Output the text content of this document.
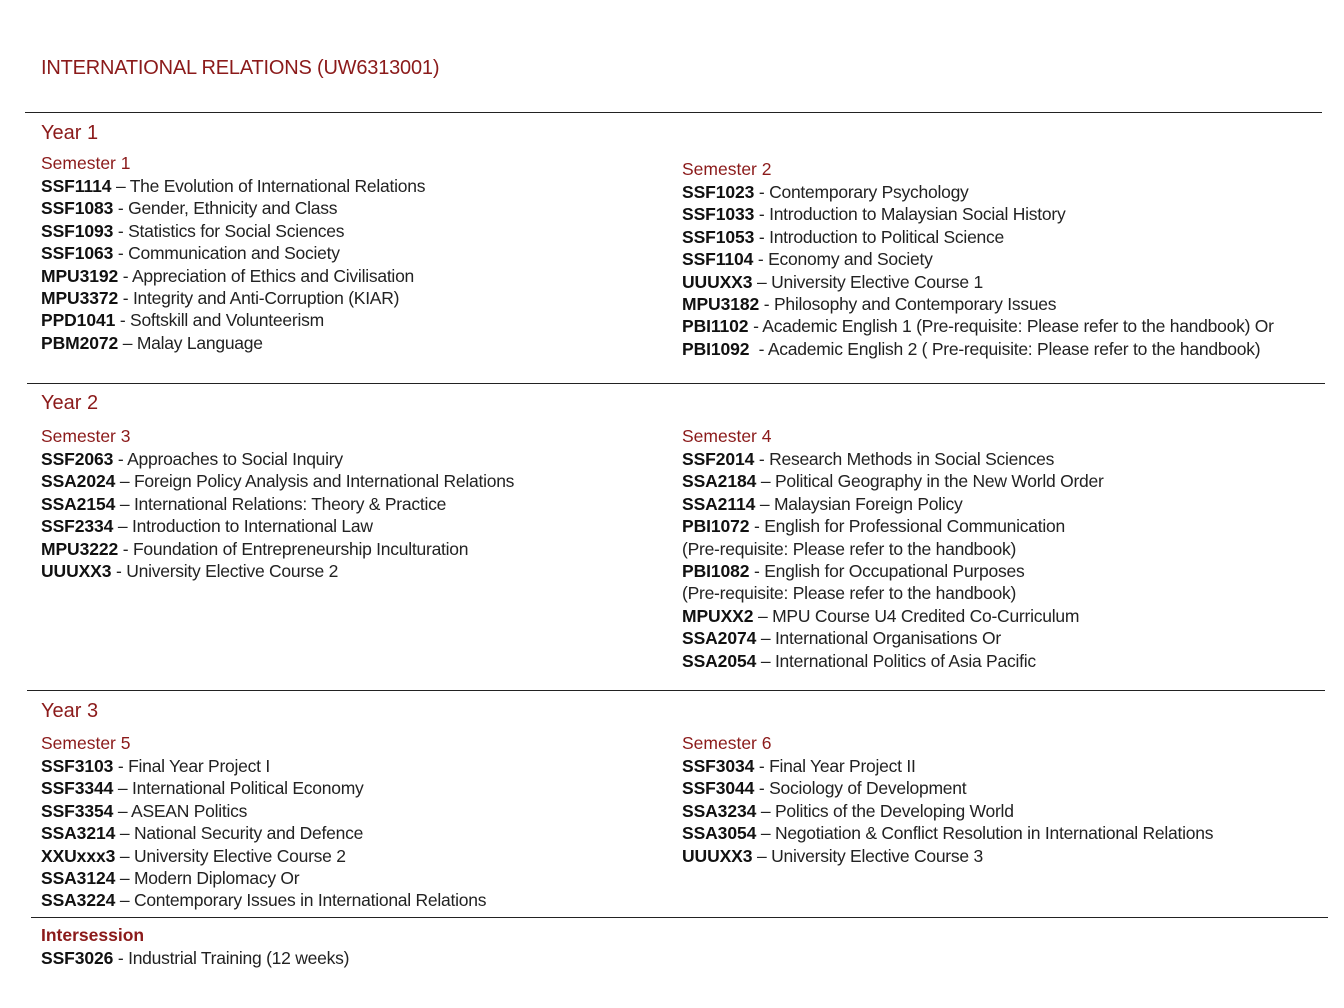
INTERNATIONAL RELATIONS (UW6313001)
Year 1
Semester 1
SSF1114 – The Evolution of International Relations
SSF1083 - Gender, Ethnicity and Class
SSF1093 - Statistics for Social Sciences
SSF1063 - Communication and Society
MPU3192 - Appreciation of Ethics and Civilisation
MPU3372 - Integrity and Anti-Corruption (KIAR)
PPD1041 - Softskill and Volunteerism
PBM2072 – Malay Language
Semester 2
SSF1023 - Contemporary Psychology
SSF1033 - Introduction to Malaysian Social History
SSF1053 - Introduction to Political Science
SSF1104 - Economy and Society
UUUXX3 – University Elective Course 1
MPU3182 - Philosophy and Contemporary Issues
PBI1102 - Academic English 1 (Pre-requisite: Please refer to the handbook) Or
PBI1092  - Academic English 2 ( Pre-requisite: Please refer to the handbook)
Year 2
Semester 3
SSF2063 - Approaches to Social Inquiry
SSA2024 – Foreign Policy Analysis and International Relations
SSA2154 – International Relations: Theory & Practice
SSF2334 – Introduction to International Law
MPU3222 - Foundation of Entrepreneurship Inculturation
UUUXX3 - University Elective Course 2
Semester 4
SSF2014 - Research Methods in Social Sciences
SSA2184 – Political Geography in the New World Order
SSA2114 – Malaysian Foreign Policy
PBI1072 - English for Professional Communication
(Pre-requisite: Please refer to the handbook)
PBI1082 - English for Occupational Purposes
(Pre-requisite: Please refer to the handbook)
MPUXX2 – MPU Course U4 Credited Co-Curriculum
SSA2074 – International Organisations Or
SSA2054 – International Politics of Asia Pacific
Year 3
Semester 5
SSF3103 - Final Year Project I
SSF3344 – International Political Economy
SSF3354 – ASEAN Politics
SSA3214 – National Security and Defence
XXUxxx3 – University Elective Course 2
SSA3124 – Modern Diplomacy Or
SSA3224 – Contemporary Issues in International Relations
Semester 6
SSF3034 - Final Year Project II
SSF3044 - Sociology of Development
SSA3234 – Politics of the Developing World
SSA3054 – Negotiation & Conflict Resolution in International Relations
UUUXX3 – University Elective Course 3
Intersession
SSF3026 - Industrial Training (12 weeks)
